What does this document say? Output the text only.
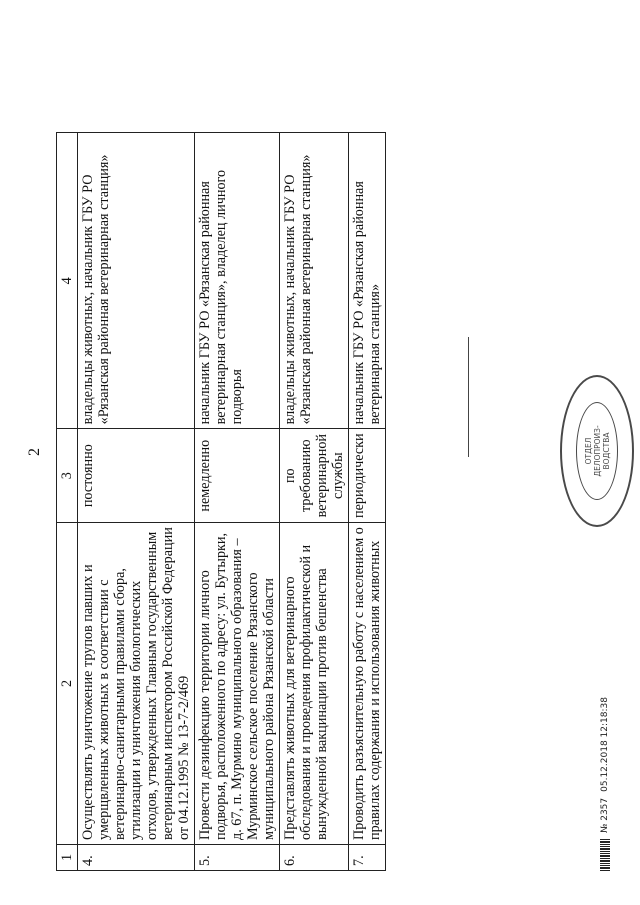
2
1	2	3	4
4.	Осуществлять уничтожение трупов павших и умерщвленных животных в соответствии с ветеринарно-санитарными правилами сбора, утилизации и уничтожения биологических отходов, утвержденных Главным государственным ветеринарным инспектором Российской Федерации от 04.12.1995 № 13-7-2/469	постоянно	владельцы животных, начальник ГБУ РО «Рязанская районная ветеринарная станция»
5.	Провести дезинфекцию территории личного подворья, расположенного по адресу: ул. Бутырки, д. 67, п. Мурмино муниципального образования – Мурминское сельское поселение Рязанского муниципального района Рязанской области	немедленно	начальник ГБУ РО «Рязанская районная ветеринарная станция», владелец личного подворья
6.	Представлять животных для ветеринарного обследования и проведения профилактической и вынужденной вакцинации против бешенства	по требованию ветеринарной службы	владельцы животных, начальник ГБУ РО «Рязанская районная ветеринарная станция»
7.	Проводить разъяснительную работу с населением о правилах содержания и использования животных	периодически	начальник ГБУ РО «Рязанская районная ветеринарная станция»
ОТДЕЛ ДЕЛОПРОИЗ- ВОДСТВА
№ 2357
05.12.2018 12:18:38
